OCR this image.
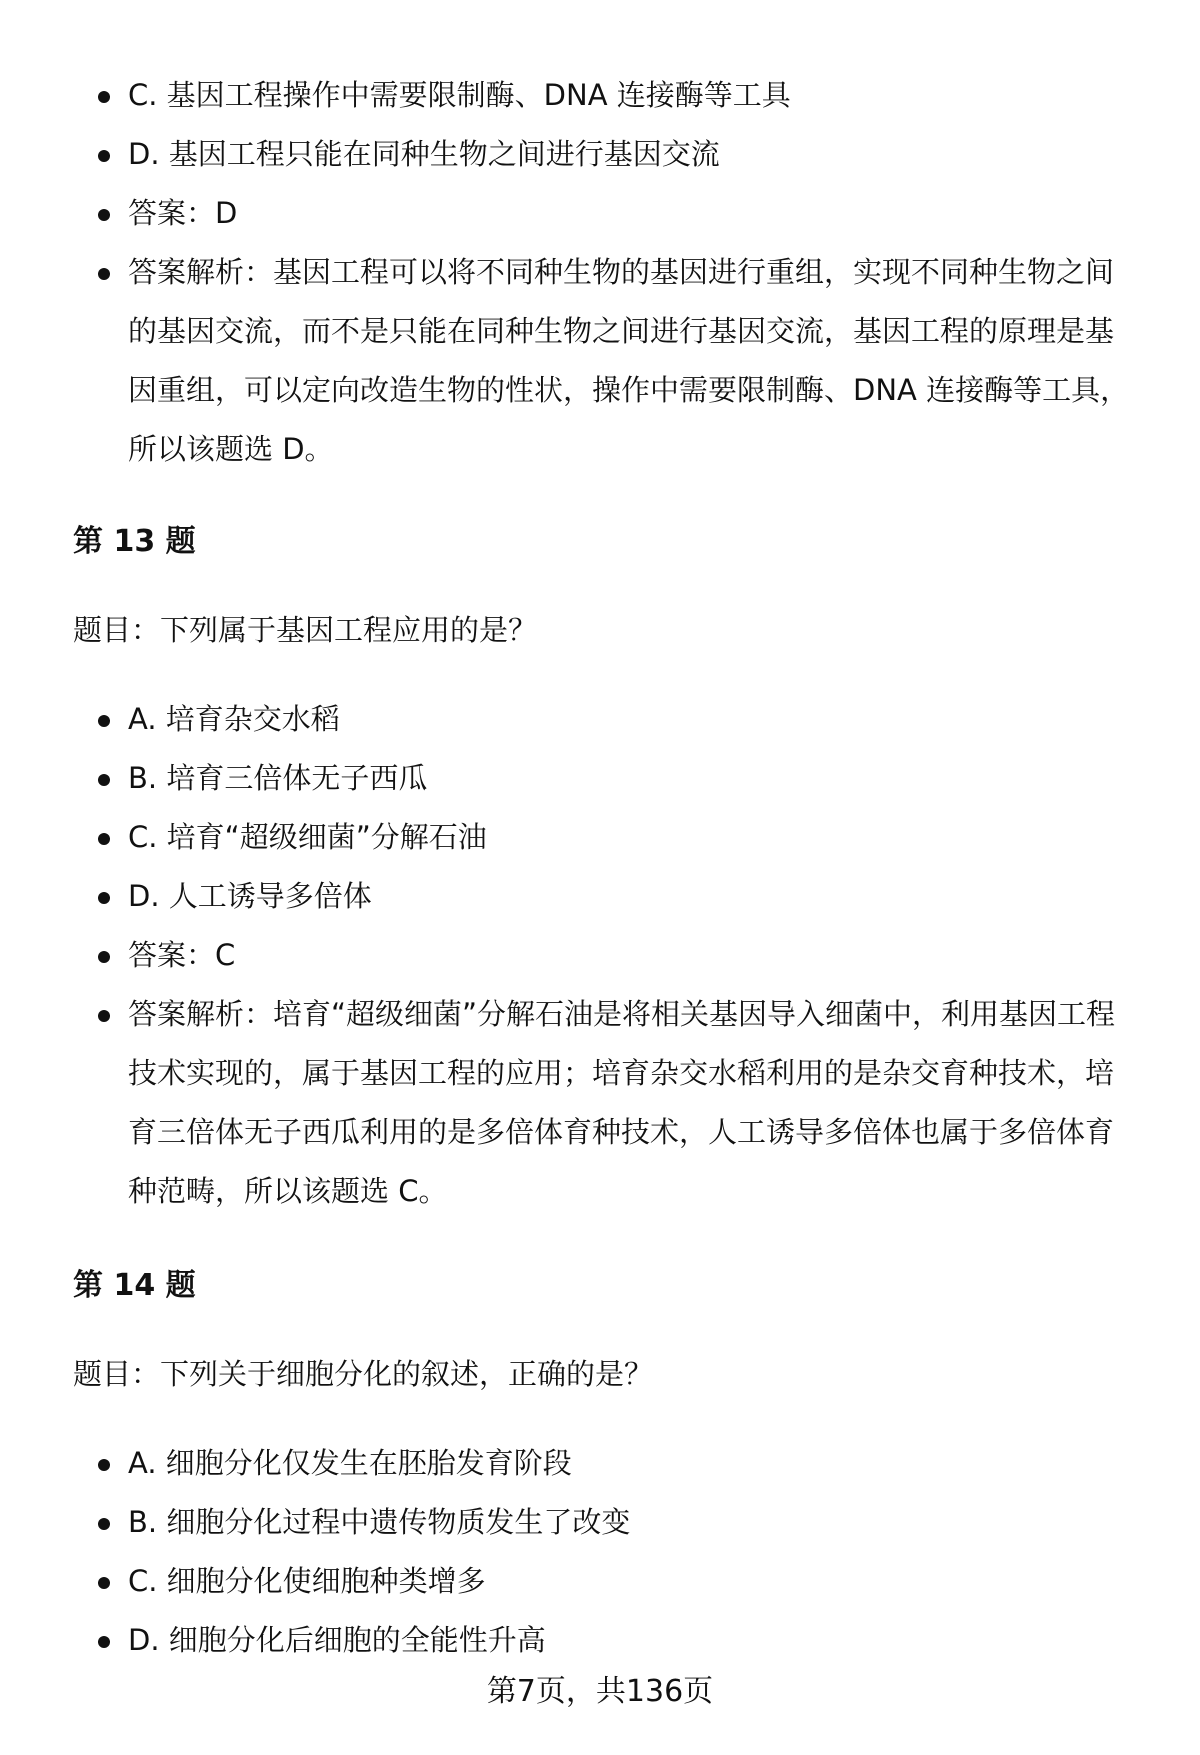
C. 基因工程操作中需要限制酶、DNA 连接酶等工具
D. 基因工程只能在同种生物之间进行基因交流
答案：D
答案解析：基因工程可以将不同种生物的基因进行重组，实现不同种生物之间的基因交流，而不是只能在同种生物之间进行基因交流，基因工程的原理是基因重组，可以定向改造生物的性状，操作中需要限制酶、DNA 连接酶等工具，所以该题选 D。
第 13 题
题目：下列属于基因工程应用的是？
A. 培育杂交水稻
B. 培育三倍体无子西瓜
C. 培育“超级细菌”分解石油
D. 人工诱导多倍体
答案：C
答案解析：培育“超级细菌”分解石油是将相关基因导入细菌中，利用基因工程技术实现的，属于基因工程的应用；培育杂交水稻利用的是杂交育种技术，培育三倍体无子西瓜利用的是多倍体育种技术，人工诱导多倍体也属于多倍体育种范畴，所以该题选 C。
第 14 题
题目：下列关于细胞分化的叙述，正确的是？
A. 细胞分化仅发生在胚胎发育阶段
B. 细胞分化过程中遗传物质发生了改变
C. 细胞分化使细胞种类增多
D. 细胞分化后细胞的全能性升高
第7页，共136页
